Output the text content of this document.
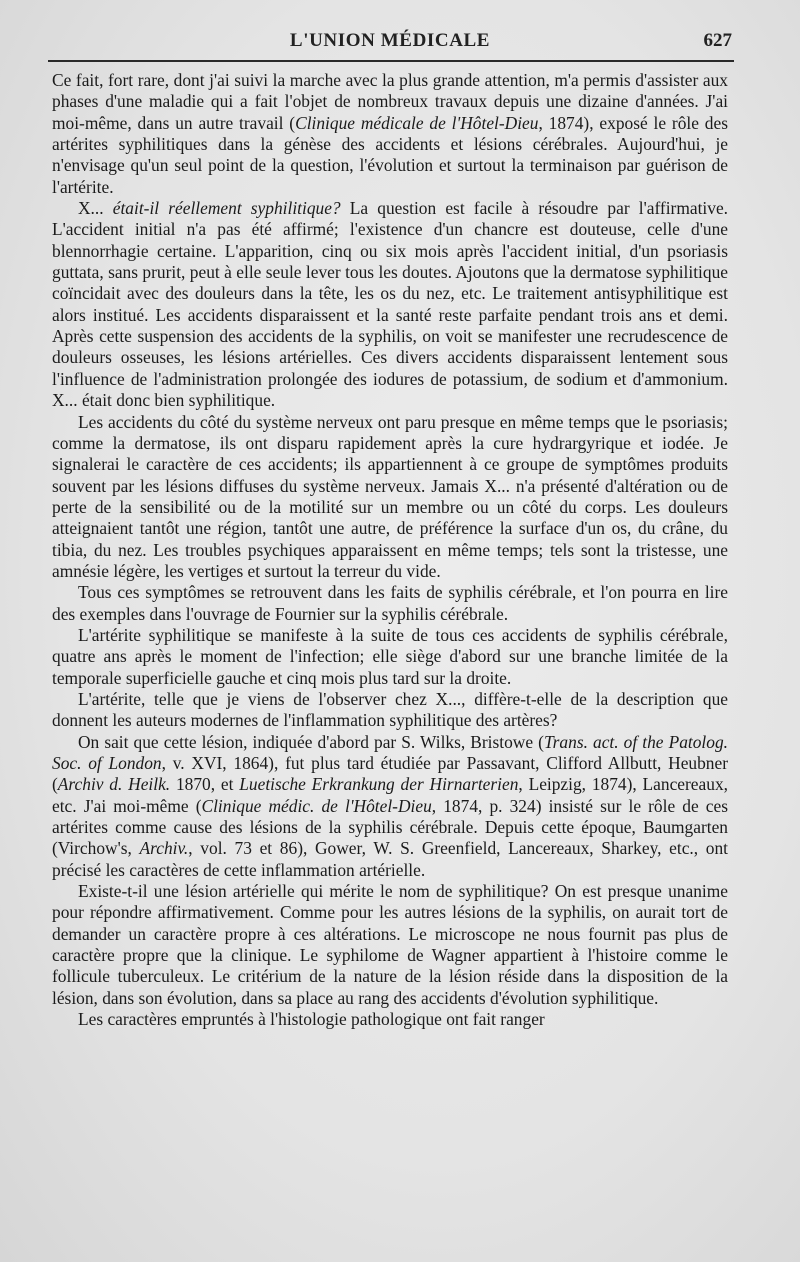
L'UNION MÉDICALE	627

Ce fait, fort rare, dont j'ai suivi la marche avec la plus grande attention, m'a permis d'assister aux phases d'une maladie qui a fait l'objet de nombreux travaux depuis une dizaine d'années. J'ai moi-même, dans un autre travail (Clinique médicale de l'Hôtel-Dieu, 1874), exposé le rôle des artérites syphilitiques dans la génèse des accidents et lésions cérébrales. Aujourd'hui, je n'envisage qu'un seul point de la question, l'évolution et surtout la terminaison par guérison de l'artérite.

X... était-il réellement syphilitique? La question est facile à résoudre par l'affirmative. L'accident initial n'a pas été affirmé; l'existence d'un chancre est douteuse, celle d'une blennorrhagie certaine. L'apparition, cinq ou six mois après l'accident initial, d'un psoriasis guttata, sans prurit, peut à elle seule lever tous les doutes. Ajoutons que la dermatose syphilitique coïncidait avec des douleurs dans la tête, les os du nez, etc. Le traitement antisyphilitique est alors institué. Les accidents disparaissent et la santé reste parfaite pendant trois ans et demi. Après cette suspension des accidents de la syphilis, on voit se manifester une recrudescence de douleurs osseuses, les lésions artérielles. Ces divers accidents disparaissent lentement sous l'influence de l'administration prolongée des iodures de potassium, de sodium et d'ammonium. X... était donc bien syphilitique.

Les accidents du côté du système nerveux ont paru presque en même temps que le psoriasis; comme la dermatose, ils ont disparu rapidement après la cure hydrargyrique et iodée. Je signalerai le caractère de ces accidents; ils appartiennent à ce groupe de symptômes produits souvent par les lésions diffuses du système nerveux. Jamais X... n'a présenté d'altération ou de perte de la sensibilité ou de la motilité sur un membre ou un côté du corps. Les douleurs atteignaient tantôt une région, tantôt une autre, de préférence la surface d'un os, du crâne, du tibia, du nez. Les troubles psychiques apparaissent en même temps; tels sont la tristesse, une amnésie légère, les vertiges et surtout la terreur du vide.

Tous ces symptômes se retrouvent dans les faits de syphilis cérébrale, et l'on pourra en lire des exemples dans l'ouvrage de Fournier sur la syphilis cérébrale.

L'artérite syphilitique se manifeste à la suite de tous ces accidents de syphilis cérébrale, quatre ans après le moment de l'infection; elle siège d'abord sur une branche limitée de la temporale superficielle gauche et cinq mois plus tard sur la droite.

L'artérite, telle que je viens de l'observer chez X..., diffère-t-elle de la description que donnent les auteurs modernes de l'inflammation syphilitique des artères?

On sait que cette lésion, indiquée d'abord par S. Wilks, Bristowe (Trans. act. of the Patolog. Soc. of London, v. XVI, 1864), fut plus tard étudiée par Passavant, Clifford Allbutt, Heubner (Archiv d. Heilk. 1870, et Luetische Erkrankung der Hirnarterien, Leipzig, 1874), Lancereaux, etc. J'ai moi-même (Clinique médic. de l'Hôtel-Dieu, 1874, p. 324) insisté sur le rôle de ces artérites comme cause des lésions de la syphilis cérébrale. Depuis cette époque, Baumgarten (Virchow's, Archiv., vol. 73 et 86), Gower, W. S. Greenfield, Lancereaux, Sharkey, etc., ont précisé les caractères de cette inflammation artérielle.

Existe-t-il une lésion artérielle qui mérite le nom de syphilitique? On est presque unanime pour répondre affirmativement. Comme pour les autres lésions de la syphilis, on aurait tort de demander un caractère propre à ces altérations. Le microscope ne nous fournit pas plus de caractère propre que la clinique. Le syphilome de Wagner appartient à l'histoire comme le follicule tuberculeux. Le critérium de la nature de la lésion réside dans la disposition de la lésion, dans son évolution, dans sa place au rang des accidents d'évolution syphilitique.

Les caractères empruntés à l'histologie pathologique ont fait ranger
